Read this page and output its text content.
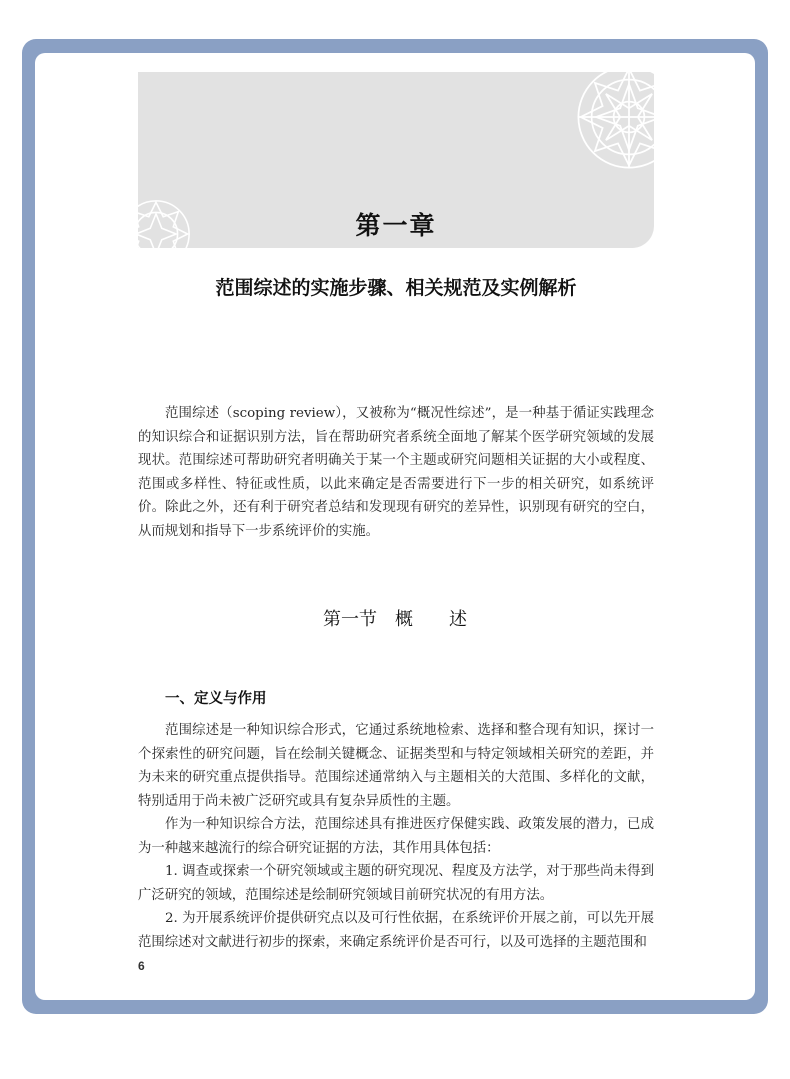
第一章
范围综述的实施步骤、相关规范及实例解析

范围综述（scoping review），又被称为“概况性综述”，是一种基于循证实践理念的知识综合和证据识别方法，旨在帮助研究者系统全面地了解某个医学研究领域的发展现状。范围综述可帮助研究者明确关于某一个主题或研究问题相关证据的大小或程度、范围或多样性、特征或性质，以此来确定是否需要进行下一步的相关研究，如系统评价。除此之外，还有利于研究者总结和发现现有研究的差异性，识别现有研究的空白，从而规划和指导下一步系统评价的实施。

第一节　概　　述
一、定义与作用

范围综述是一种知识综合形式，它通过系统地检索、选择和整合现有知识，探讨一个探索性的研究问题，旨在绘制关键概念、证据类型和与特定领域相关研究的差距，并为未来的研究重点提供指导。范围综述通常纳入与主题相关的大范围、多样化的文献，特别适用于尚未被广泛研究或具有复杂异质性的主题。

作为一种知识综合方法，范围综述具有推进医疗保健实践、政策发展的潜力，已成为一种越来越流行的综合研究证据的方法，其作用具体包括：

1. 调查或探索一个研究领域或主题的研究现况、程度及方法学，对于那些尚未得到广泛研究的领域，范围综述是绘制研究领域目前研究状况的有用方法。

2. 为开展系统评价提供研究点以及可行性依据，在系统评价开展之前，可以先开展范围综述对文献进行初步的探索，来确定系统评价是否可行，以及可选择的主题范围和

6
